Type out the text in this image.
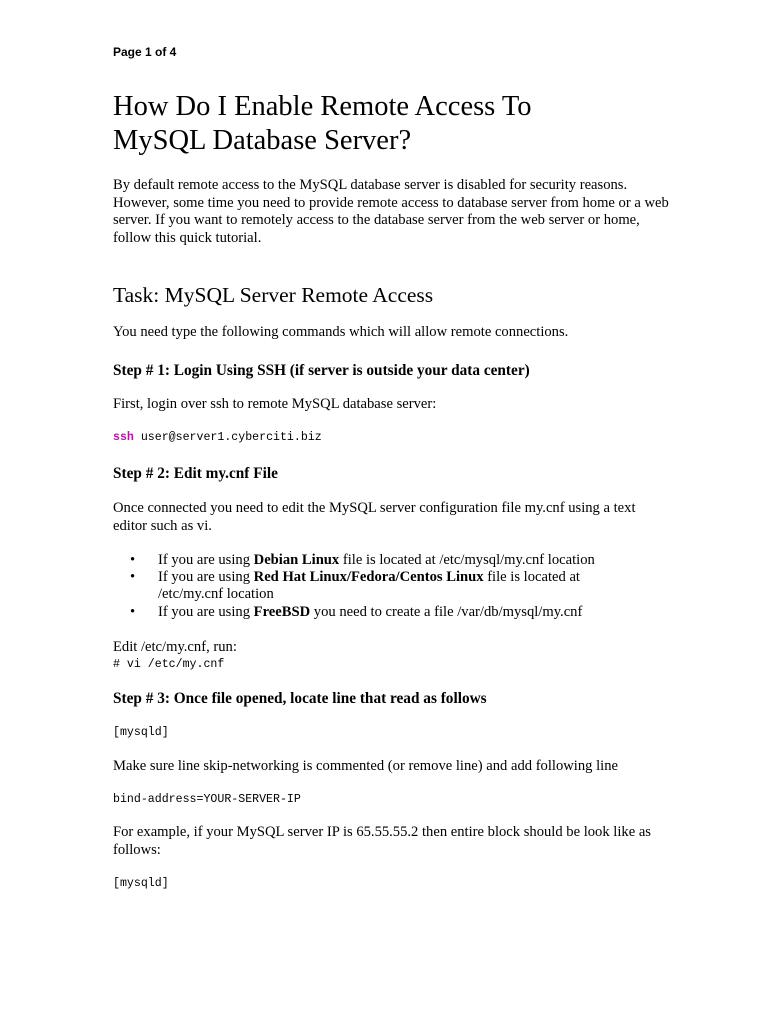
Page 1 of 4
How Do I Enable Remote Access To
MySQL Database Server?

By default remote access to the MySQL database server is disabled for security reasons. However, some time you need to provide remote access to database server from home or a web server. If you want to remotely access to the database server from the web server or home, follow this quick tutorial.

Task: MySQL Server Remote Access

You need type the following commands which will allow remote connections.

Step # 1: Login Using SSH (if server is outside your data center)

First, login over ssh to remote MySQL database server:

ssh user@server1.cyberciti.biz
Step # 2: Edit my.cnf File

Once connected you need to edit the MySQL server configuration file my.cnf using a text editor such as vi.

• If you are using Debian Linux file is located at /etc/mysql/my.cnf location
• If you are using Red Hat Linux/Fedora/Centos Linux file is located at /etc/my.cnf location
• If you are using FreeBSD you need to create a file /var/db/mysql/my.cnf

Edit /etc/my.cnf, run:

# vi /etc/my.cnf
Step # 3: Once file opened, locate line that read as follows
[mysqld]

Make sure line skip-networking is commented (or remove line) and add following line

bind-address=YOUR-SERVER-IP

For example, if your MySQL server IP is 65.55.55.2 then entire block should be look like as follows:

[mysqld]
